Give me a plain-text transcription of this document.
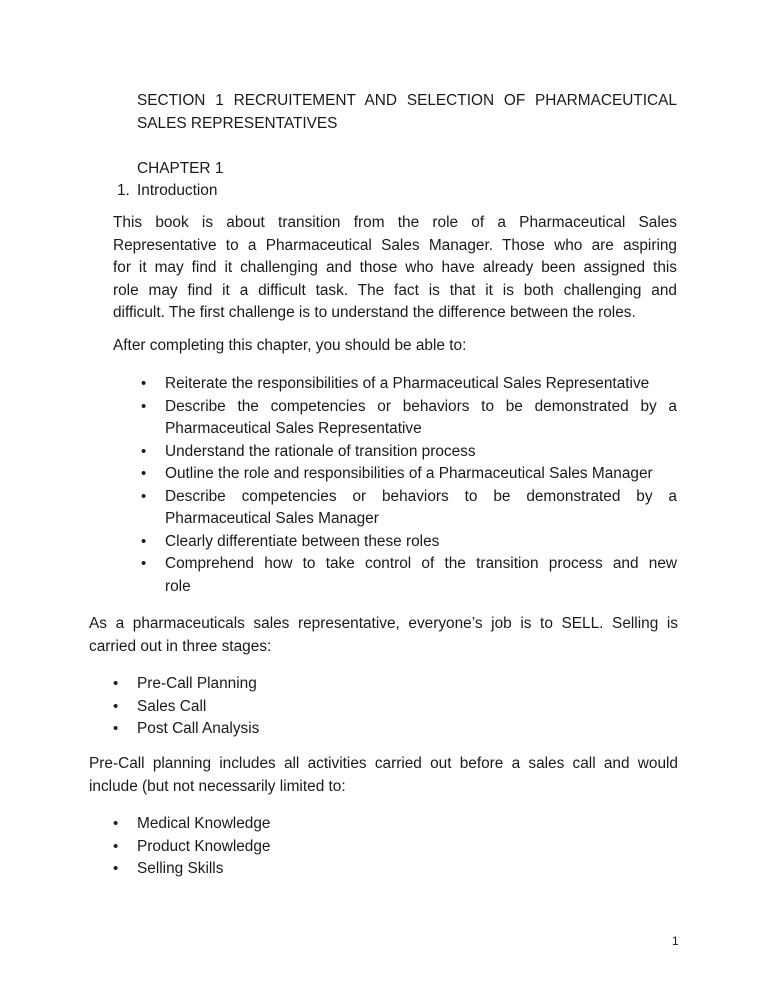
SECTION 1 RECRUITEMENT AND SELECTION OF PHARMACEUTICAL
SALES REPRESENTATIVES
CHAPTER 1
1. Introduction
This book is about transition from the role of a Pharmaceutical Sales
Representative to a Pharmaceutical Sales Manager. Those who are aspiring
for it may find it challenging and those who have already been assigned this
role may find it a difficult task. The fact is that it is both challenging and
difficult. The first challenge is to understand the difference between the roles.
After completing this chapter, you should be able to:
• Reiterate the responsibilities of a Pharmaceutical Sales Representative
• Describe the competencies or behaviors to be demonstrated by a
Pharmaceutical Sales Representative
• Understand the rationale of transition process
• Outline the role and responsibilities of a Pharmaceutical Sales Manager
• Describe competencies or behaviors to be demonstrated by a
Pharmaceutical Sales Manager
• Clearly differentiate between these roles
• Comprehend how to take control of the transition process and new
role
As a pharmaceuticals sales representative, everyone’s job is to SELL. Selling is
carried out in three stages:
• Pre-Call Planning
• Sales Call
• Post Call Analysis
Pre-Call planning includes all activities carried out before a sales call and would
include (but not necessarily limited to:
• Medical Knowledge
• Product Knowledge
• Selling Skills
1
